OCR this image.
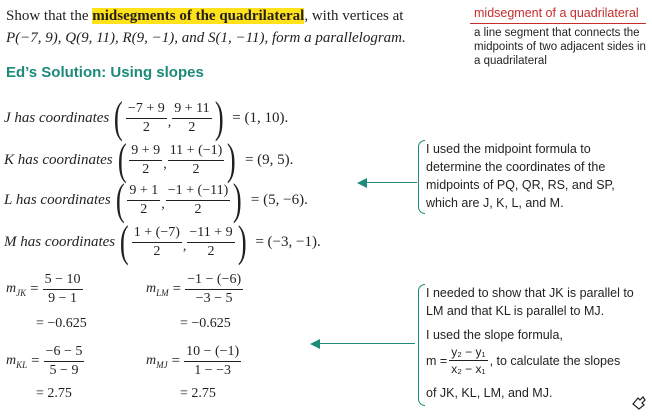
Show that the midsegments of the quadrilateral, with vertices at
P(−7, 9), Q(9, 11), R(9, −1), and S(1, −11), form a parallelogram.
midsegment of a quadrilateral
a line segment that connects the midpoints of two adjacent sides in a quadrilateral
Ed’s Solution: Using slopes
J has coordinates ( $\frac{-7 + 9}{2}$ , $\frac{9 + 11}{2}$ ) = (1, 10).
K has coordinates ( $\frac{9 + 9}{2}$ , $\frac{11 + (-1)}{2}$ ) = (9, 5).
L has coordinates ( $\frac{9 + 1}{2}$ , $\frac{-1 + (-11)}{2}$ ) = (5, −6).
M has coordinates ( $\frac{1 + (-7)}{2}$ , $\frac{-11 + 9}{2}$ ) = (−3, −1).
$m_{JK} = \frac{5 - 10}{9 - 1}$
= −0.625
$m_{LM} = \frac{-1 - (-6)}{-3 - 5}$
= −0.625
$m_{KL} = \frac{-6 - 5}{5 - 9}$
= 2.75
$m_{MJ} = \frac{10 - (-1)}{1 - -3}$
= 2.75
I used the midpoint formula to determine the coordinates of the midpoints of PQ, QR, RS, and SP, which are J, K, L, and M.
I needed to show that JK is parallel to LM and that KL is parallel to MJ.
I used the slope formula,
$m = \frac{\text{y₂ − y₁}}{\text{x₂ − x₁}}$ , to calculate the slopes
of JK, KL, LM, and MJ.
